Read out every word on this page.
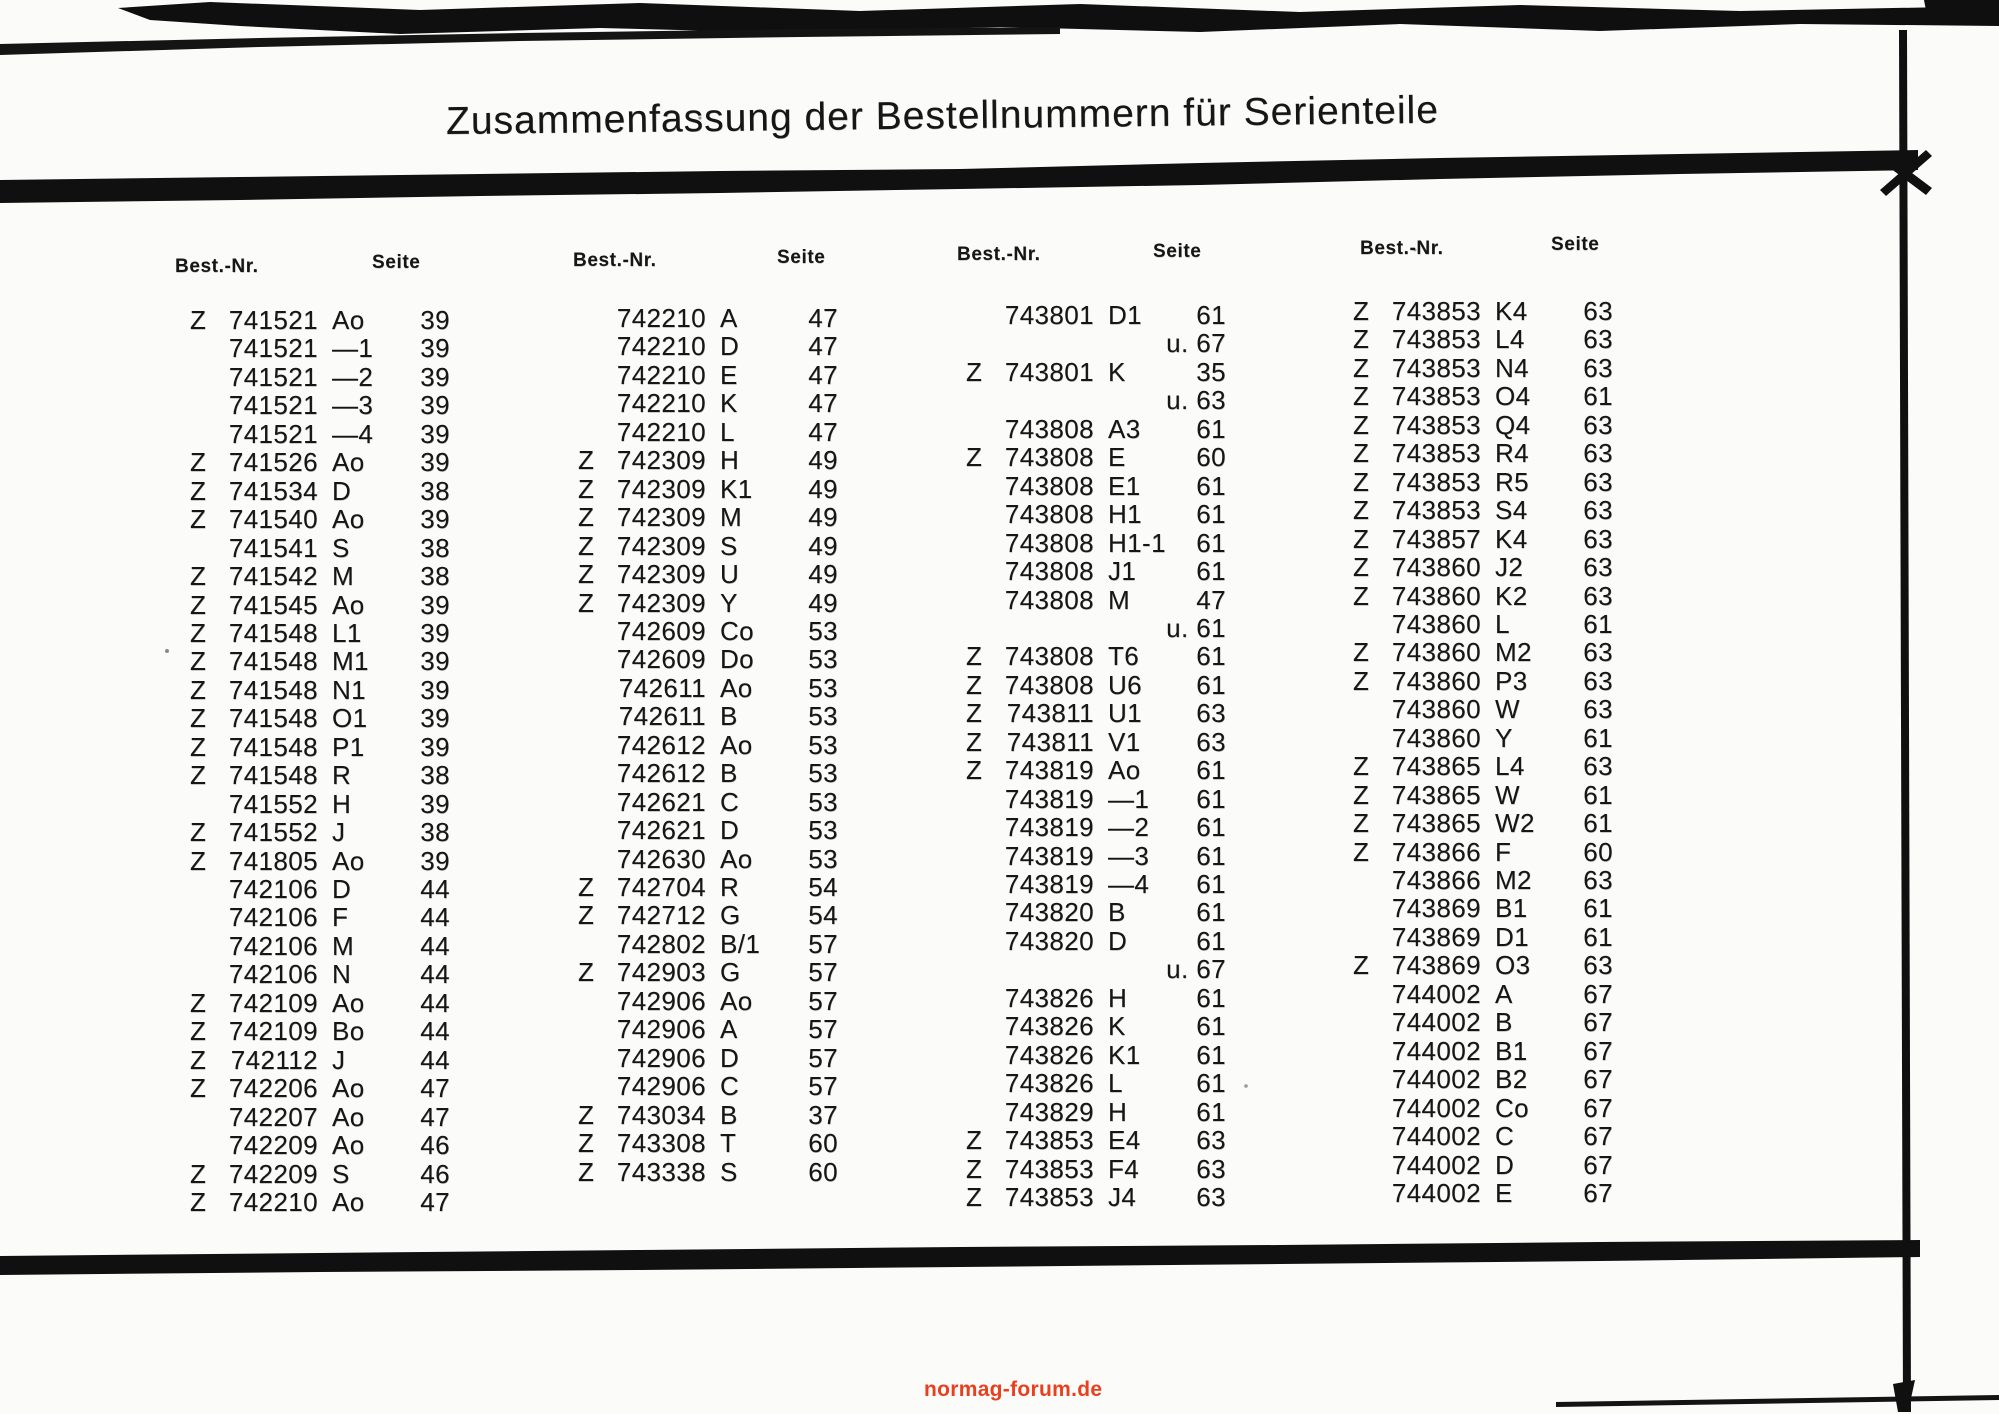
Zusammenfassung der Bestellnummern für Serienteile
Best.-Nr.	Seite
Z 741521 Ao	39
741521 —1	39
741521 —2	39
741521 —3	39
741521 —4	39
Z 741526 Ao	39
Z 741534 D	38
Z 741540 Ao	39
741541 S	38
Z 741542 M	38
Z 741545 Ao	39
Z 741548 L1	39
Z 741548 M1	39
Z 741548 N1	39
Z 741548 O1	39
Z 741548 P1	39
Z 741548 R	38
741552 H	39
Z 741552 J	38
Z 741805 Ao	39
742106 D	44
742106 F	44
742106 M	44
742106 N	44
Z 742109 Ao	44
Z 742109 Bo	44
Z 742112 J	44
Z 742206 Ao	47
742207 Ao	47
742209 Ao	46
Z 742209 S	46
Z 742210 Ao	47
Best.-Nr.	Seite
742210 A	47
742210 D	47
742210 E	47
742210 K	47
742210 L	47
Z 742309 H	49
Z 742309 K1	49
Z 742309 M	49
Z 742309 S	49
Z 742309 U	49
Z 742309 Y	49
742609 Co	53
742609 Do	53
742611 Ao	53
742611 B	53
742612 Ao	53
742612 B	53
742621 C	53
742621 D	53
742630 Ao	53
Z 742704 R	54
Z 742712 G	54
742802 B/1	57
Z 742903 G	57
742906 Ao	57
742906 A	57
742906 D	57
742906 C	57
Z 743034 B	37
Z 743308 T	60
Z 743338 S	60
Best.-Nr.	Seite
743801 D1	61
u. 67
Z 743801 K	35
u. 63
743808 A3	61
Z 743808 E	60
743808 E1	61
743808 H1	61
743808 H1-1	61
743808 J1	61
743808 M	47
u. 61
Z 743808 T6	61
Z 743808 U6	61
Z 743811 U1	63
Z 743811 V1	63
Z 743819 Ao	61
743819 —1	61
743819 —2	61
743819 —3	61
743819 —4	61
743820 B	61
743820 D	61
u. 67
743826 H	61
743826 K	61
743826 K1	61
743826 L	61
743829 H	61
Z 743853 E4	63
Z 743853 F4	63
Z 743853 J4	63
Best.-Nr.	Seite
Z 743853 K4	63
Z 743853 L4	63
Z 743853 N4	63
Z 743853 O4	61
Z 743853 Q4	63
Z 743853 R4	63
Z 743853 R5	63
Z 743853 S4	63
Z 743857 K4	63
Z 743860 J2	63
Z 743860 K2	63
743860 L	61
Z 743860 M2	63
Z 743860 P3	63
743860 W	63
743860 Y	61
Z 743865 L4	63
Z 743865 W	61
Z 743865 W2	61
Z 743866 F	60
743866 M2	63
743869 B1	61
743869 D1	61
Z 743869 O3	63
744002 A	67
744002 B	67
744002 B1	67
744002 B2	67
744002 Co	67
744002 C	67
744002 D	67
744002 E	67
normag-forum.de
